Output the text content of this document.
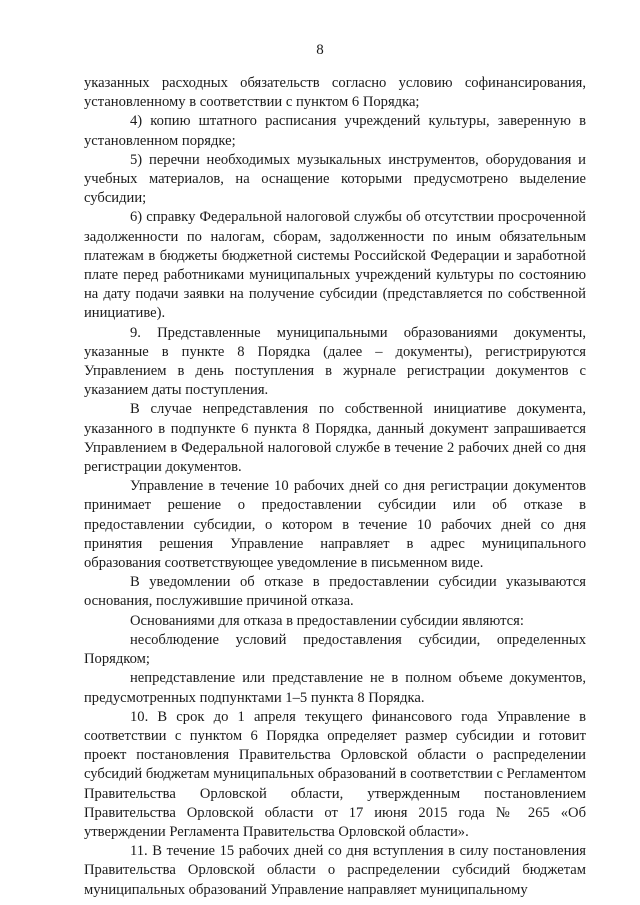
8

указанных расходных обязательств согласно условию софинансирования, установленному в соответствии с пунктом 6 Порядка;

4) копию штатного расписания учреждений культуры, заверенную в установленном порядке;

5) перечни необходимых музыкальных инструментов, оборудования и учебных материалов, на оснащение которыми предусмотрено выделение субсидии;

6) справку Федеральной налоговой службы об отсутствии просроченной задолженности по налогам, сборам, задолженности по иным обязательным платежам в бюджеты бюджетной системы Российской Федерации и заработной плате перед работниками муниципальных учреждений культуры по состоянию на дату подачи заявки на получение субсидии (представляется по собственной инициативе).

9. Представленные муниципальными образованиями документы, указанные в пункте 8 Порядка (далее – документы), регистрируются Управлением в день поступления в журнале регистрации документов с указанием даты поступления.

В случае непредставления по собственной инициативе документа, указанного в подпункте 6 пункта 8 Порядка, данный документ запрашивается Управлением в Федеральной налоговой службе в течение 2 рабочих дней со дня регистрации документов.

Управление в течение 10 рабочих дней со дня регистрации документов принимает решение о предоставлении субсидии или об отказе в предоставлении субсидии, о котором в течение 10 рабочих дней со дня принятия решения Управление направляет в адрес муниципального образования соответствующее уведомление в письменном виде.

В уведомлении об отказе в предоставлении субсидии указываются основания, послужившие причиной отказа.

Основаниями для отказа в предоставлении субсидии являются:

несоблюдение условий предоставления субсидии, определенных Порядком;

непредставление или представление не в полном объеме документов, предусмотренных подпунктами 1–5 пункта 8 Порядка.

10. В срок до 1 апреля текущего финансового года Управление в соответствии с пунктом 6 Порядка определяет размер субсидии и готовит проект постановления Правительства Орловской области о распределении субсидий бюджетам муниципальных образований в соответствии с Регламентом Правительства Орловской области, утвержденным постановлением Правительства Орловской области от 17 июня 2015 года № 265 «Об утверждении Регламента Правительства Орловской области».

11. В течение 15 рабочих дней со дня вступления в силу постановления Правительства Орловской области о распределении субсидий бюджетам муниципальных образований Управление направляет муниципальному
